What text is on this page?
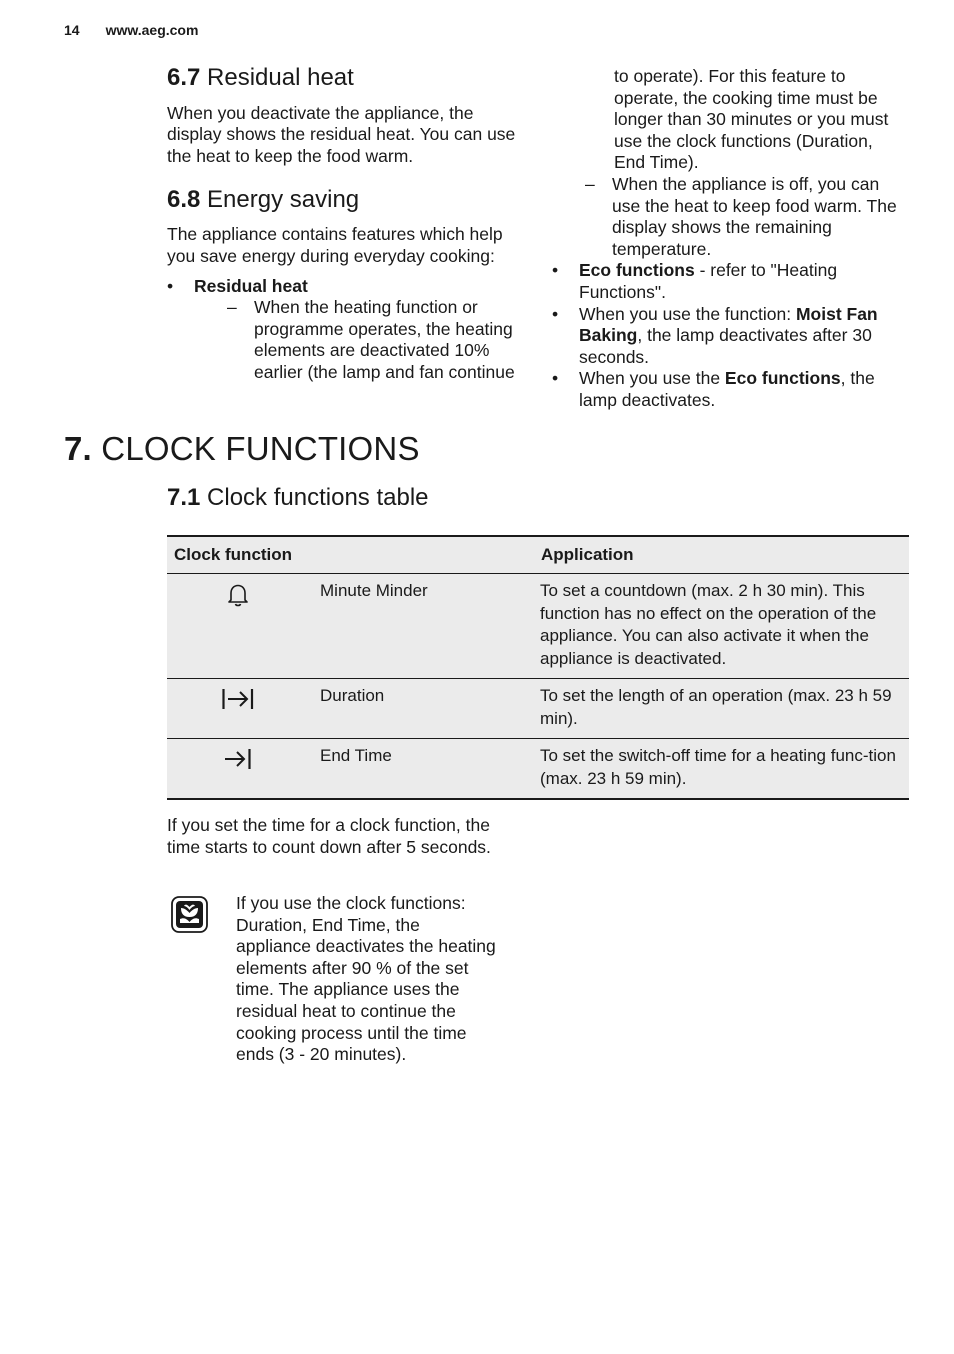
14 www.aeg.com
6.7 Residual heat

When you deactivate the appliance, the display shows the residual heat. You can use the heat to keep the food warm.

6.8 Energy saving

The appliance contains features which help you save energy during everyday cooking:

• Residual heat
– When the heating function or programme operates, the heating elements are deactivated 10% earlier (the lamp and fan continue
to operate). For this feature to operate, the cooking time must be longer than 30 minutes or you must use the clock functions (Duration, End Time).
– When the appliance is off, you can use the heat to keep food warm. The display shows the remaining temperature.
• Eco functions - refer to "Heating Functions".
• When you use the function: Moist Fan Baking, the lamp deactivates after 30 seconds.
• When you use the Eco functions, the lamp deactivates.
7. CLOCK FUNCTIONS
7.1 Clock functions table
Clock function		Application
	Minute Minder	To set a countdown (max. 2 h 30 min). This function has no effect on the operation of the appliance. You can also activate it when the appliance is deactivated.
	Duration	To set the length of an operation (max. 23 h 59 min).
	End Time	To set the switch-off time for a heating func-tion (max. 23 h 59 min).

If you set the time for a clock function, the time starts to count down after 5 seconds.

If you use the clock functions: Duration, End Time, the appliance deactivates the heating elements after 90 % of the set time. The appliance uses the residual heat to continue the cooking process until the time ends (3 - 20 minutes).
